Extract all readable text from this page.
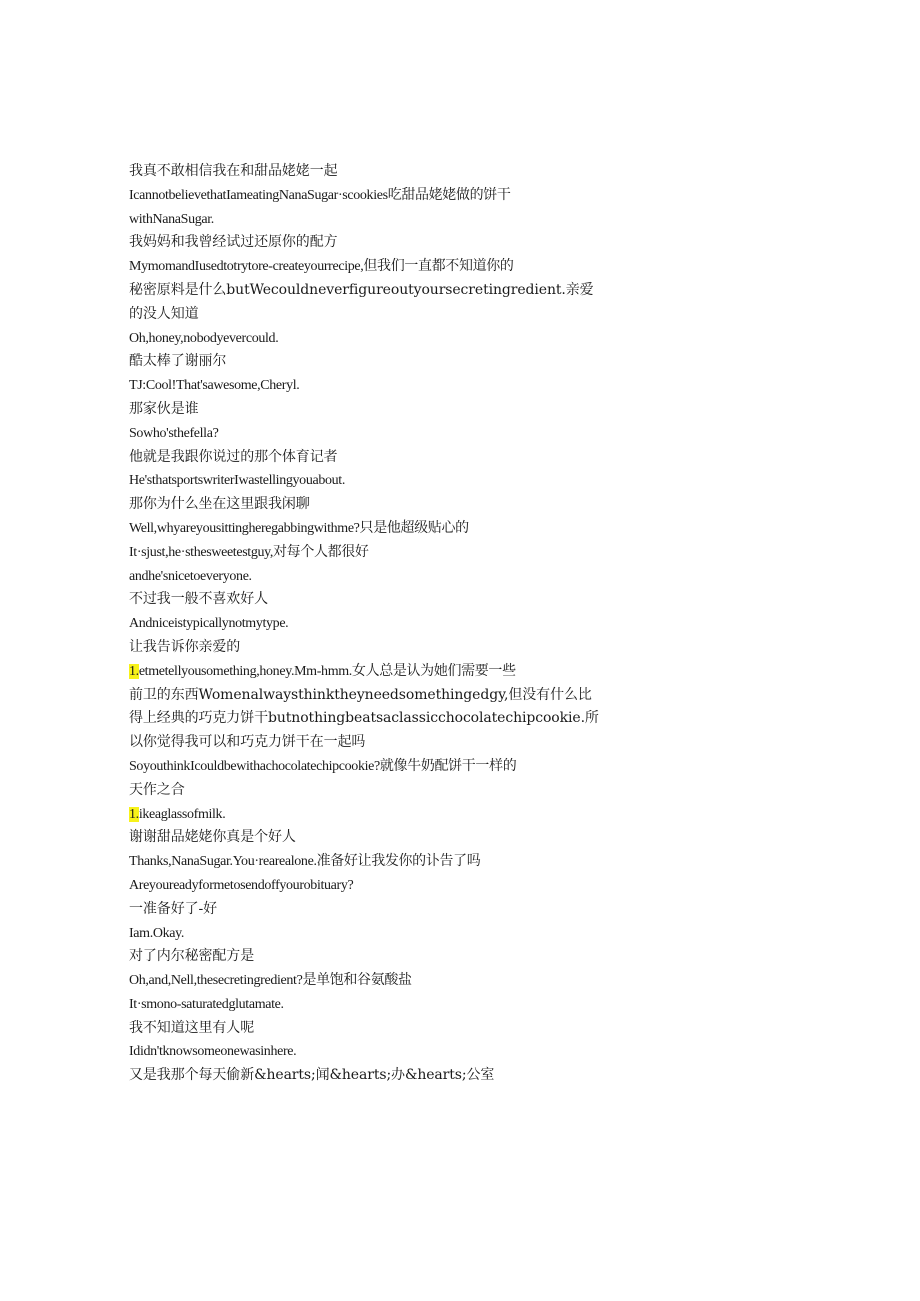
我真不敢相信我在和甜品姥姥一起
IcannotbelievethatIameatingNanaSugar·scookies吃甜品姥姥做的饼干
withNanaSugar.
我妈妈和我曾经试过还原你的配方
MymomandIusedtotrytore-createyourrecipe,但我们一直都不知道你的
秘密原料是什么butWecouldneverfigureoutyoursecretingredient.亲爱
的没人知道
Oh,honey,nobodyevercould.
酷太棒了谢丽尔
TJ:Cool!That'sawesome,Cheryl.
那家伙是谁
Sowho'sthefella?
他就是我跟你说过的那个体育记者
He'sthatsportswriterIwastellingyouabout.
那你为什么坐在这里跟我闲聊
Well,whyareyousittingheregabbingwithme?只是他超级贴心的
It·sjust,he·sthesweetestguy,对每个人都很好
andhe'snicetoeveryone.
不过我一般不喜欢好人
Andniceistypicallynotmytype.
让我告诉你亲爱的
1.etmetellyousomething,honey.Mm-hmm.女人总是认为她们需要一些
前卫的东西Womenalwaysthinktheyneedsomethingedgy,但没有什么比
得上经典的巧克力饼干butnothingbeatsaclassicchocolatechipcookie.所
以你觉得我可以和巧克力饼干在一起吗
SoyouthinkIcouldbewithachocolatechipcookie?就像牛奶配饼干一样的
天作之合
1.ikeaglassofmilk.
谢谢甜品姥姥你真是个好人
Thanks,NanaSugar.You·rearealone.准备好让我发你的讣告了吗
Areyoureadyformetosendoffyourobituary?
一准备好了-好
Iam.Okay.
对了内尔秘密配方是
Oh,and,Nell,thesecretingredient?是单饱和谷氨酸盐
It·smono-saturatedglutamate.
我不知道这里有人呢
Ididn'tknowsomeonewasinhere.
又是我那个每天偷新&hearts;闻&hearts;办&hearts;公室
